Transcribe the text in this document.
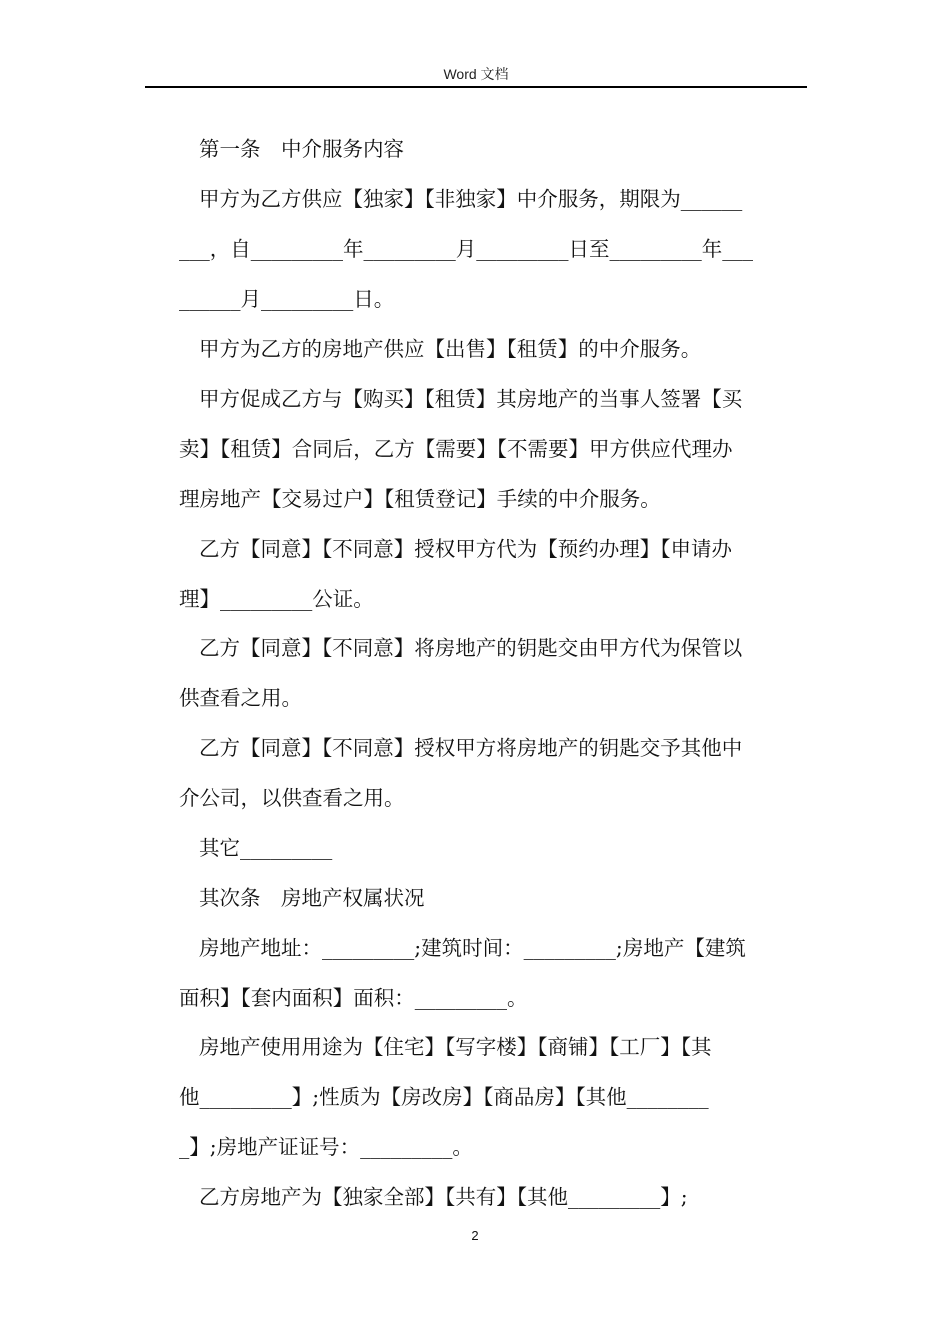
Word 文档
第一条　中介服务内容
甲方为乙方供应【独家】【非独家】中介服务，期限为______
___，自_________年_________月_________日至_________年___
______月_________日。
甲方为乙方的房地产供应【出售】【租赁】的中介服务。
甲方促成乙方与【购买】【租赁】其房地产的当事人签署【买
卖】【租赁】合同后，乙方【需要】【不需要】甲方供应代理办
理房地产【交易过户】【租赁登记】手续的中介服务。
乙方【同意】【不同意】授权甲方代为【预约办理】【申请办
理】_________公证。
乙方【同意】【不同意】将房地产的钥匙交由甲方代为保管以
供查看之用。
乙方【同意】【不同意】授权甲方将房地产的钥匙交予其他中
介公司，以供查看之用。
其它_________
其次条　房地产权属状况
房地产地址：_________;建筑时间：_________;房地产【建筑
面积】【套内面积】面积：_________。
房地产使用用途为【住宅】【写字楼】【商铺】【工厂】【其
他_________】;性质为【房改房】【商品房】【其他________
_】;房地产证证号：_________。
乙方房地产为【独家全部】【共有】【其他_________】;
2
